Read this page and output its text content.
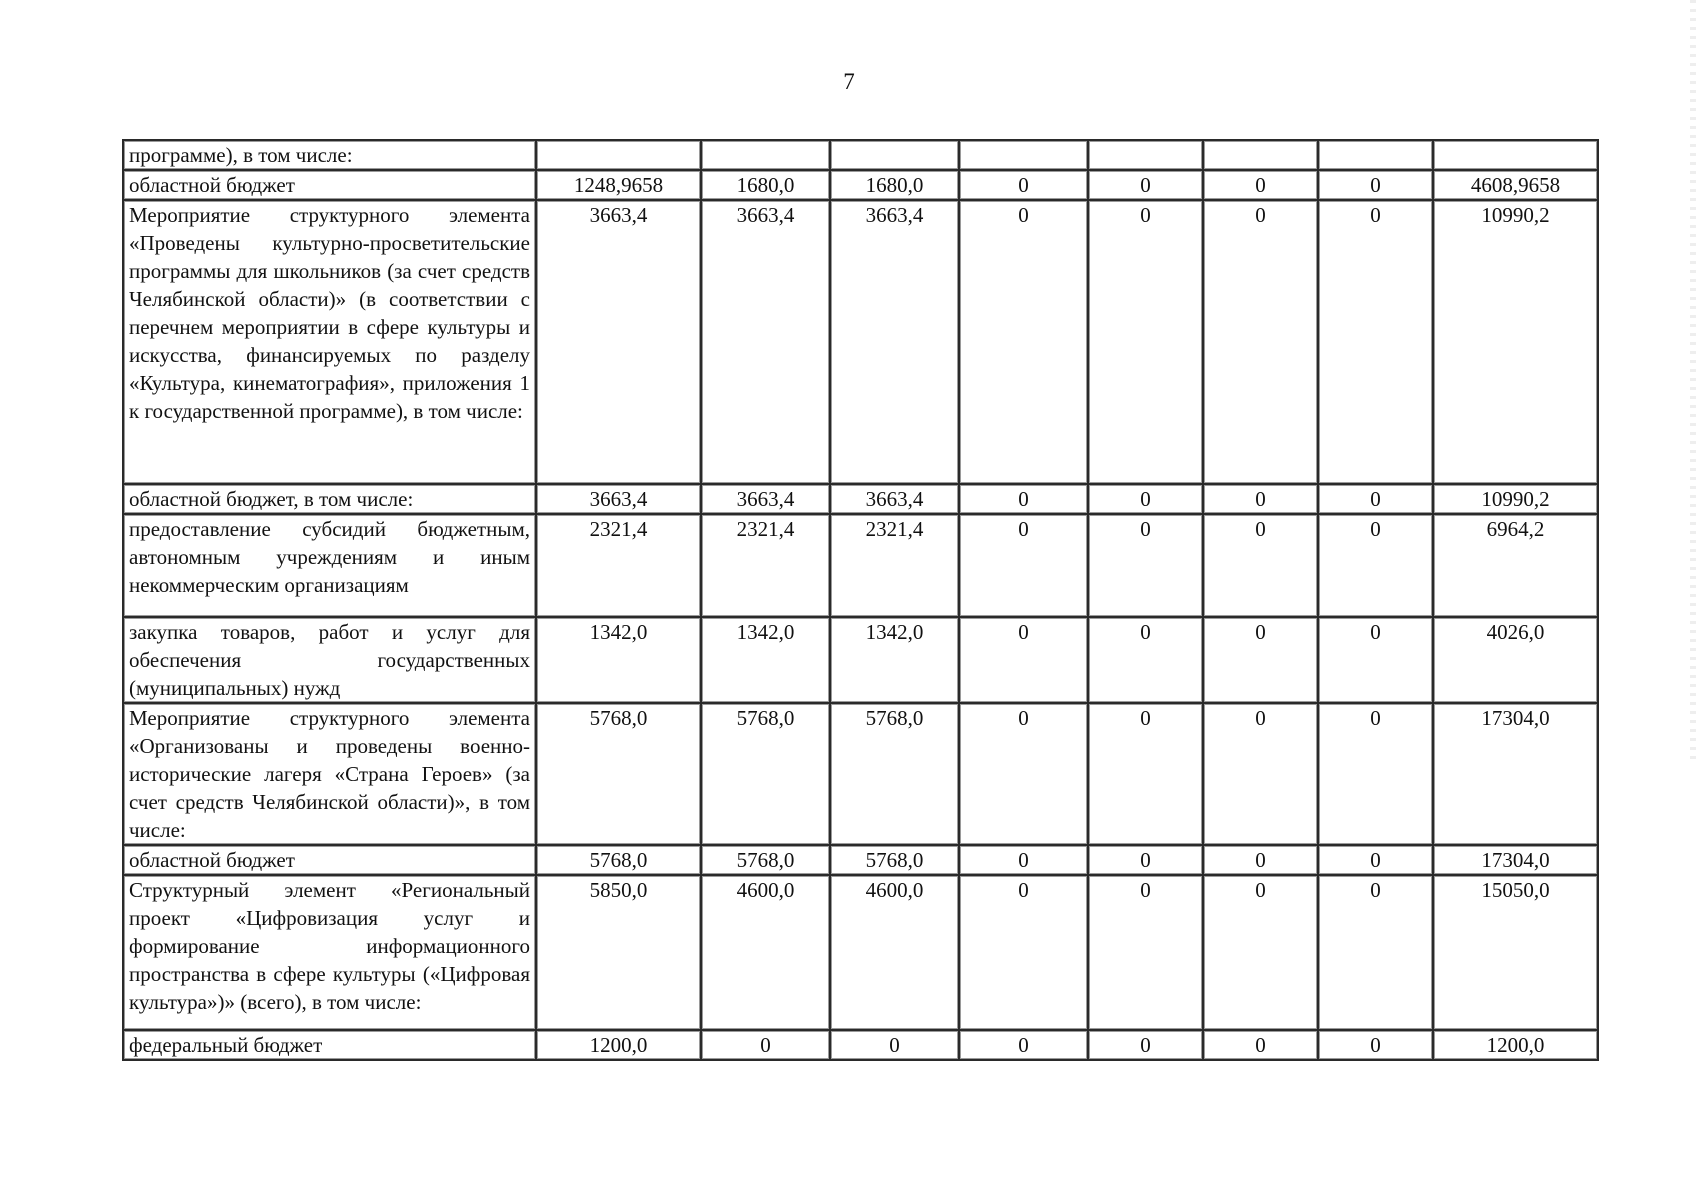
7
программе), в том числе:								
областной бюджет	1248,9658	1680,0	1680,0	0	0	0	0	4608,9658
Мероприятие структурного элемента «Проведены культурно-просветительские программы для школьников (за счет средств Челябинской области)» (в соответствии с перечнем мероприятии в сфере культуры и искусства, финансируемых по разделу «Культура, кинематография», приложения 1 к государственной программе), в том числе:	3663,4	3663,4	3663,4	0	0	0	0	10990,2
областной бюджет, в том числе:	3663,4	3663,4	3663,4	0	0	0	0	10990,2
предоставление субсидий бюджетным, автономным учреждениям и иным некоммерческим организациям	2321,4	2321,4	2321,4	0	0	0	0	6964,2
закупка товаров, работ и услуг для обеспечения государственных (муниципальных) нужд	1342,0	1342,0	1342,0	0	0	0	0	4026,0
Мероприятие структурного элемента «Организованы и проведены военно-исторические лагеря «Страна Героев» (за счет средств Челябинской области)», в том числе:	5768,0	5768,0	5768,0	0	0	0	0	17304,0
областной бюджет	5768,0	5768,0	5768,0	0	0	0	0	17304,0
Структурный элемент «Региональный проект «Цифровизация услуг и формирование информационного пространства в сфере культуры («Цифровая культура»)» (всего), в том числе:	5850,0	4600,0	4600,0	0	0	0	0	15050,0
федеральный бюджет	1200,0	0	0	0	0	0	0	1200,0
